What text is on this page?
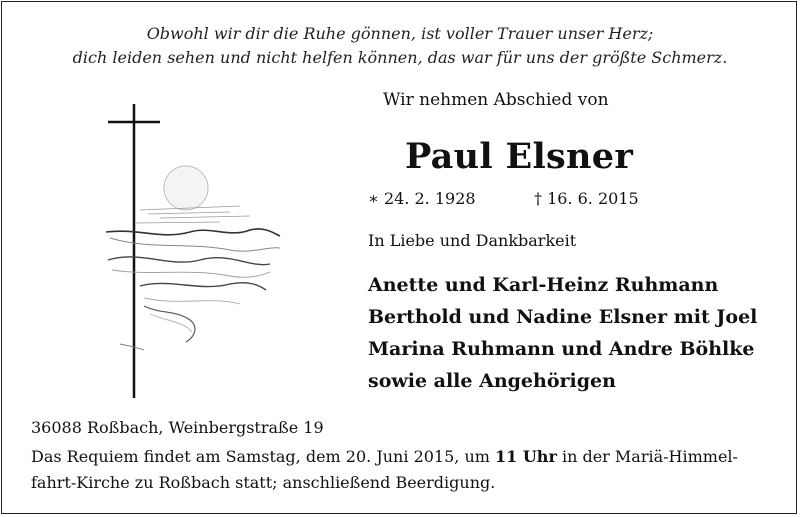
Obwohl wir dir die Ruhe gönnen, ist voller Trauer unser Herz;
dich leiden sehen und nicht helfen können, das war für uns der größte Schmerz.
Wir nehmen Abschied von
Paul Elsner
∗ 24. 2. 1928	† 16. 6. 2015
In Liebe und Dankbarkeit
Anette und Karl-Heinz Ruhmann
Berthold und Nadine Elsner mit Joel
Marina Ruhmann und Andre Böhlke
sowie alle Angehörigen
36088 Roßbach, Weinbergstraße 19
Das Requiem findet am Samstag, dem 20. Juni 2015, um 11 Uhr in der Mariä-Himmel-
fahrt-Kirche zu Roßbach statt; anschließend Beerdigung.
